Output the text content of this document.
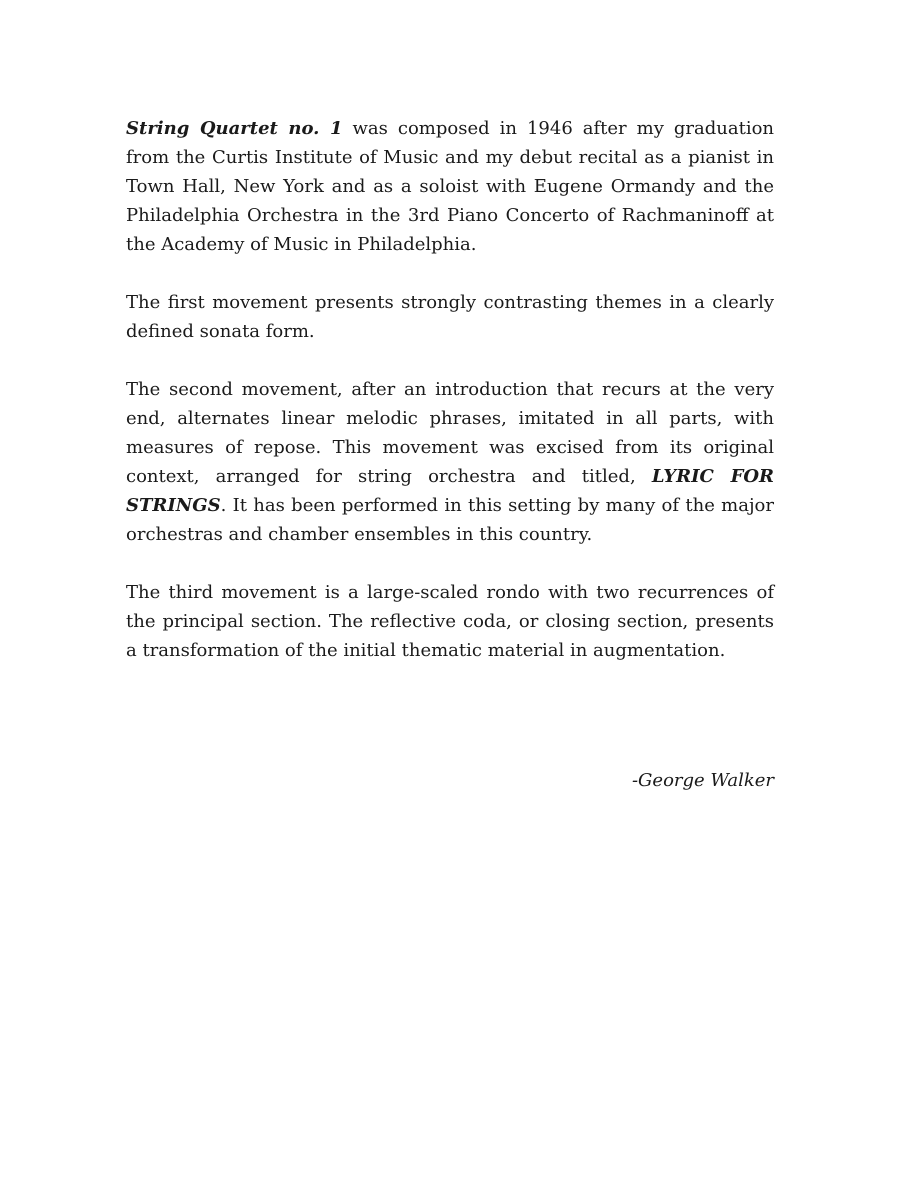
String Quartet no. 1 was composed in 1946 after my graduation from the Curtis Institute of Music and my debut recital as a pianist in Town Hall, New York and as a soloist with Eugene Ormandy and the Philadelphia Orchestra in the 3rd Piano Concerto of Rachmaninoff at the Academy of Music in Philadelphia.

The first movement presents strongly contrasting themes in a clearly defined sonata form.

The second movement, after an introduction that recurs at the very end, alternates linear melodic phrases, imitated in all parts, with measures of repose. This movement was excised from its original context, arranged for string orchestra and titled, LYRIC FOR STRINGS. It has been performed in this setting by many of the major orchestras and chamber ensembles in this country.

The third movement is a large-scaled rondo with two recurrences of the principal section. The reflective coda, or closing section, presents a transformation of the initial thematic material in augmentation.

-George Walker
